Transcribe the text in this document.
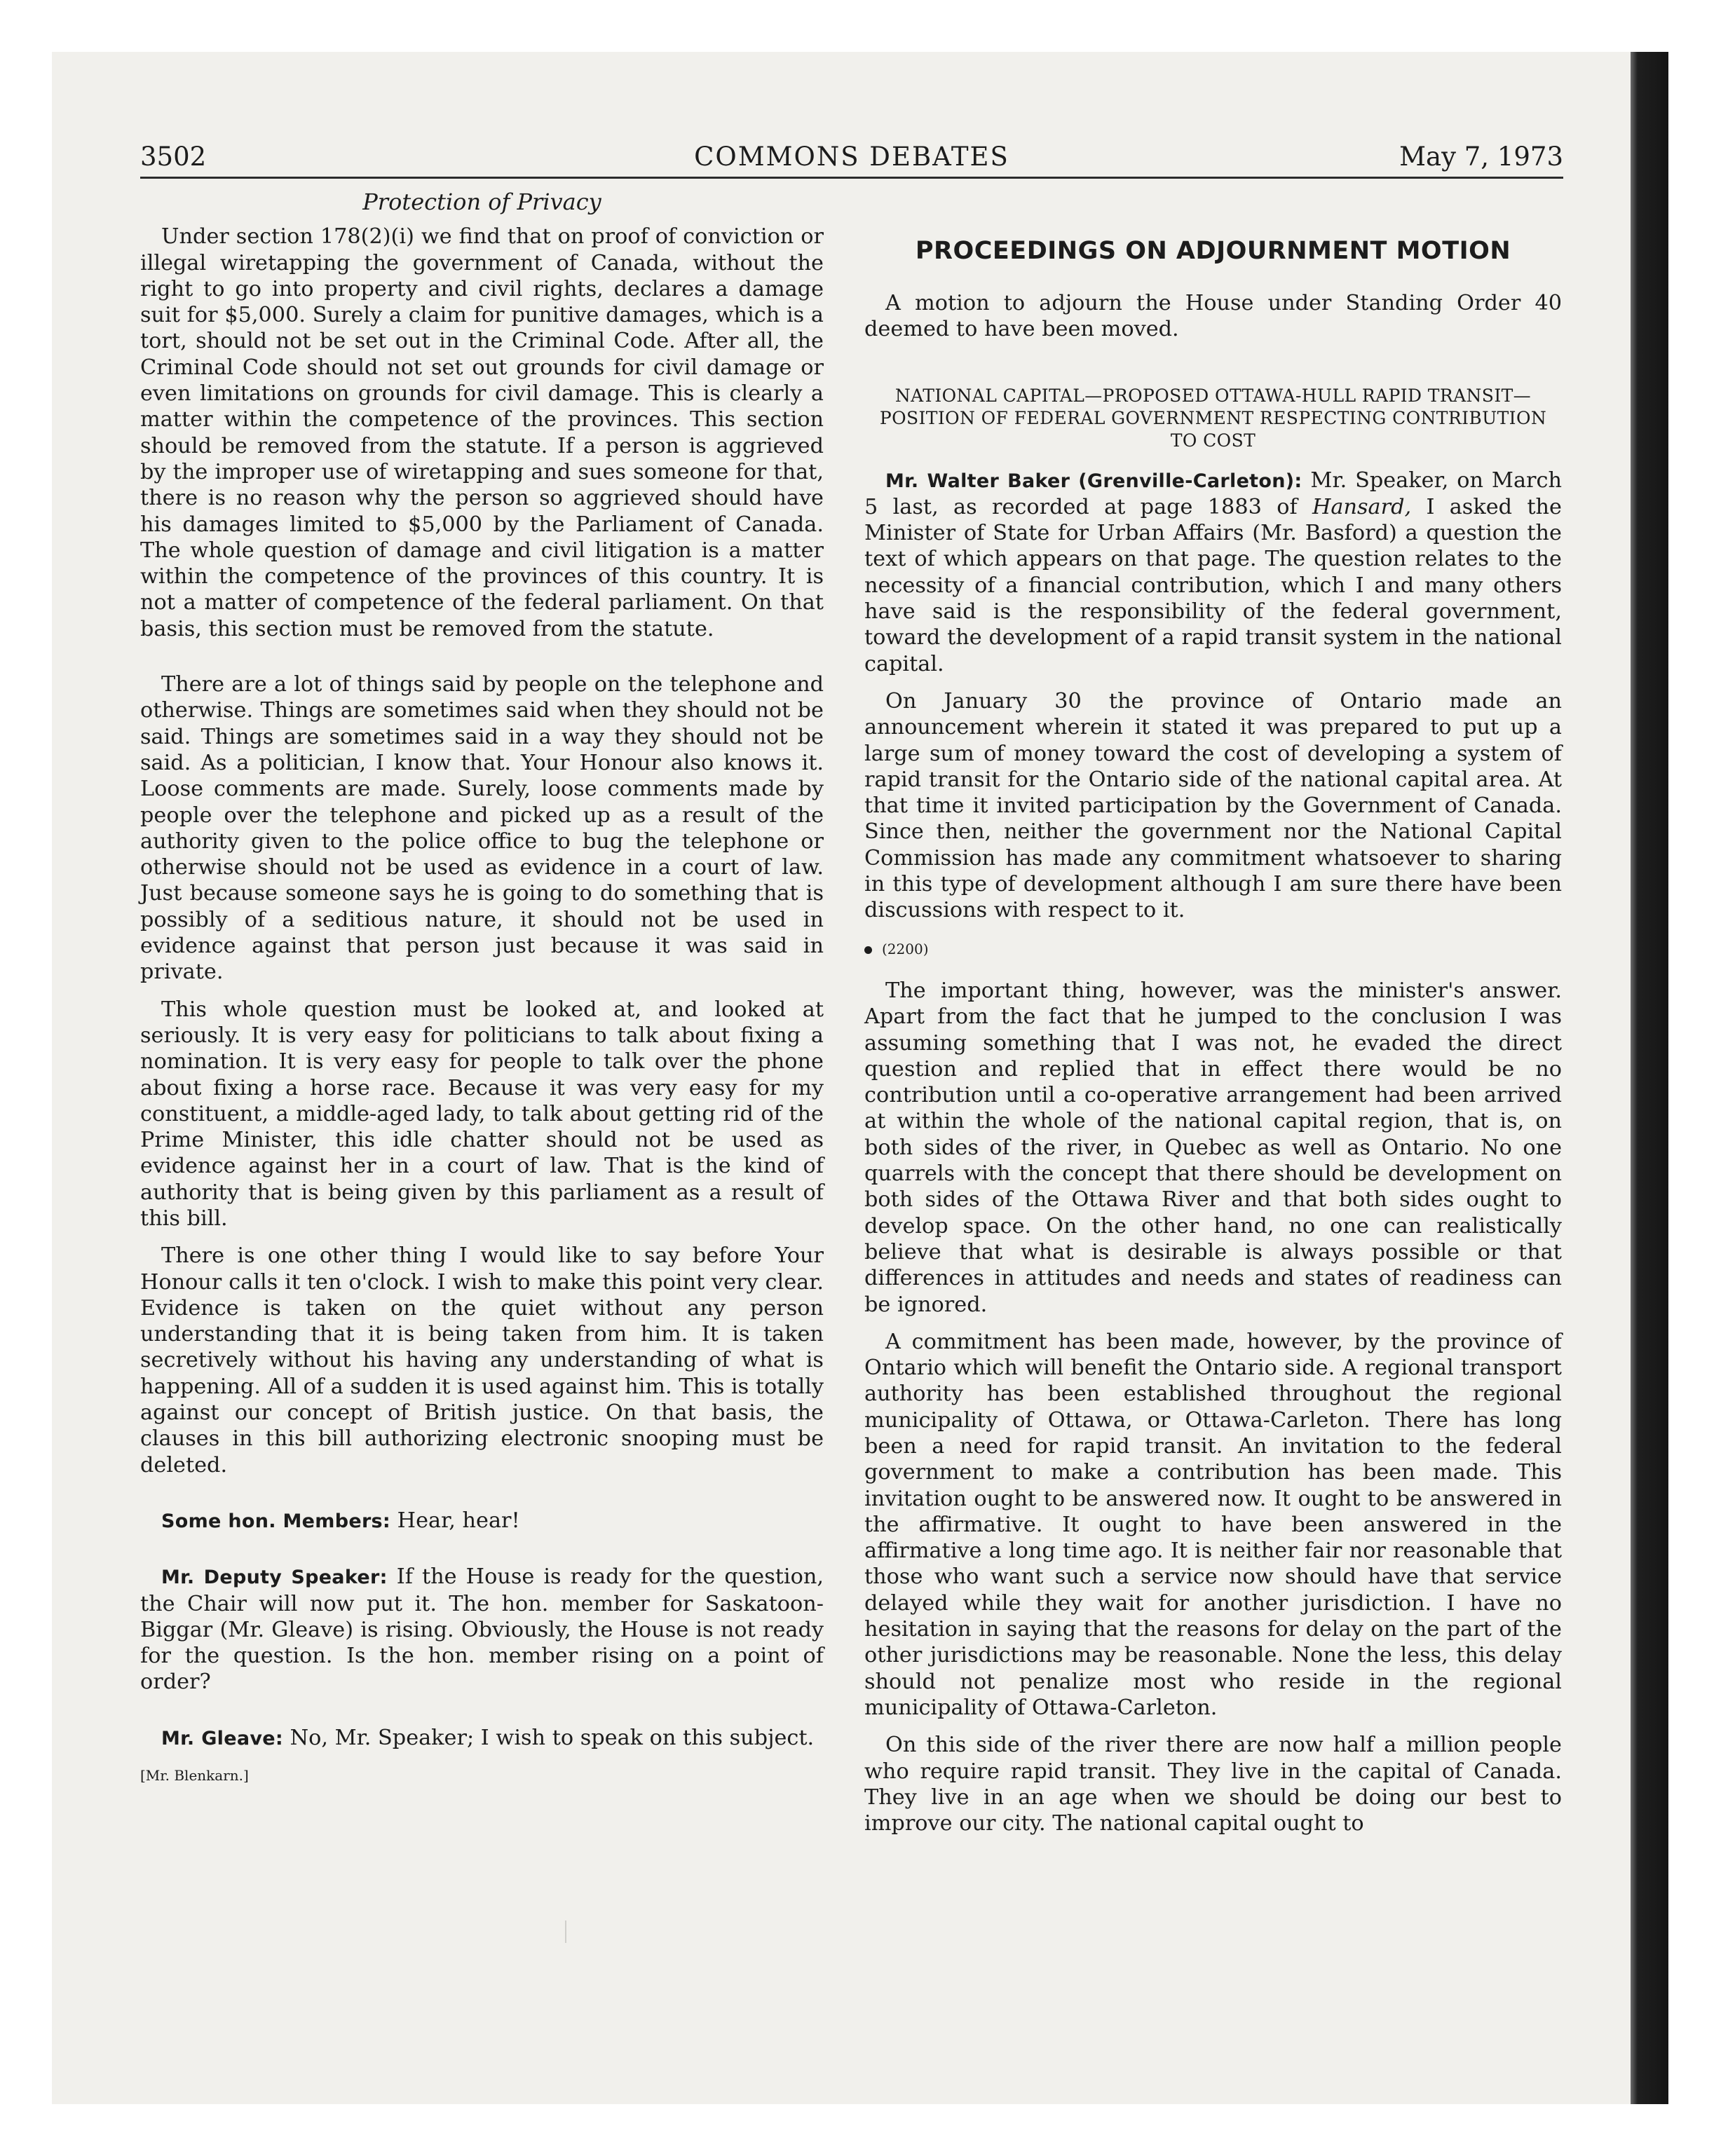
3502	COMMONS DEBATES	May 7, 1973
Protection of Privacy

Under section 178(2)(i) we find that on proof of conviction or illegal wiretapping the government of Canada, without the right to go into property and civil rights, declares a damage suit for $5,000. Surely a claim for punitive damages, which is a tort, should not be set out in the Criminal Code. After all, the Criminal Code should not set out grounds for civil damage or even limitations on grounds for civil damage. This is clearly a matter within the competence of the provinces. This section should be removed from the statute. If a person is aggrieved by the improper use of wiretapping and sues someone for that, there is no reason why the person so aggrieved should have his damages limited to $5,000 by the Parliament of Canada. The whole question of damage and civil litigation is a matter within the competence of the provinces of this country. It is not a matter of competence of the federal parliament. On that basis, this section must be removed from the statute.

There are a lot of things said by people on the telephone and otherwise. Things are sometimes said when they should not be said. Things are sometimes said in a way they should not be said. As a politician, I know that. Your Honour also knows it. Loose comments are made. Surely, loose comments made by people over the telephone and picked up as a result of the authority given to the police office to bug the telephone or otherwise should not be used as evidence in a court of law. Just because someone says he is going to do something that is possibly of a seditious nature, it should not be used in evidence against that person just because it was said in private.

This whole question must be looked at, and looked at seriously. It is very easy for politicians to talk about fixing a nomination. It is very easy for people to talk over the phone about fixing a horse race. Because it was very easy for my constituent, a middle-aged lady, to talk about getting rid of the Prime Minister, this idle chatter should not be used as evidence against her in a court of law. That is the kind of authority that is being given by this parliament as a result of this bill.

There is one other thing I would like to say before Your Honour calls it ten o'clock. I wish to make this point very clear. Evidence is taken on the quiet without any person understanding that it is being taken from him. It is taken secretively without his having any understanding of what is happening. All of a sudden it is used against him. This is totally against our concept of British justice. On that basis, the clauses in this bill authorizing electronic snooping must be deleted.

Some hon. Members: Hear, hear!

Mr. Deputy Speaker: If the House is ready for the question, the Chair will now put it. The hon. member for Saskatoon-Biggar (Mr. Gleave) is rising. Obviously, the House is not ready for the question. Is the hon. member rising on a point of order?

Mr. Gleave: No, Mr. Speaker; I wish to speak on this subject.

[Mr. Blenkarn.]
PROCEEDINGS ON ADJOURNMENT MOTION

A motion to adjourn the House under Standing Order 40 deemed to have been moved.

NATIONAL CAPITAL—PROPOSED OTTAWA-HULL RAPID TRANSIT—POSITION OF FEDERAL GOVERNMENT RESPECTING CONTRIBUTION TO COST

Mr. Walter Baker (Grenville-Carleton): Mr. Speaker, on March 5 last, as recorded at page 1883 of Hansard, I asked the Minister of State for Urban Affairs (Mr. Basford) a question the text of which appears on that page. The question relates to the necessity of a financial contribution, which I and many others have said is the responsibility of the federal government, toward the development of a rapid transit system in the national capital.

On January 30 the province of Ontario made an announcement wherein it stated it was prepared to put up a large sum of money toward the cost of developing a system of rapid transit for the Ontario side of the national capital area. At that time it invited participation by the Government of Canada. Since then, neither the government nor the National Capital Commission has made any commitment whatsoever to sharing in this type of development although I am sure there have been discussions with respect to it.

(2200)

The important thing, however, was the minister's answer. Apart from the fact that he jumped to the conclusion I was assuming something that I was not, he evaded the direct question and replied that in effect there would be no contribution until a co-operative arrangement had been arrived at within the whole of the national capital region, that is, on both sides of the river, in Quebec as well as Ontario. No one quarrels with the concept that there should be development on both sides of the Ottawa River and that both sides ought to develop space. On the other hand, no one can realistically believe that what is desirable is always possible or that differences in attitudes and needs and states of readiness can be ignored.

A commitment has been made, however, by the province of Ontario which will benefit the Ontario side. A regional transport authority has been established throughout the regional municipality of Ottawa, or Ottawa-Carleton. There has long been a need for rapid transit. An invitation to the federal government to make a contribution has been made. This invitation ought to be answered now. It ought to be answered in the affirmative. It ought to have been answered in the affirmative a long time ago. It is neither fair nor reasonable that those who want such a service now should have that service delayed while they wait for another jurisdiction. I have no hesitation in saying that the reasons for delay on the part of the other jurisdictions may be reasonable. None the less, this delay should not penalize most who reside in the regional municipality of Ottawa-Carleton.

On this side of the river there are now half a million people who require rapid transit. They live in the capital of Canada. They live in an age when we should be doing our best to improve our city. The national capital ought to
